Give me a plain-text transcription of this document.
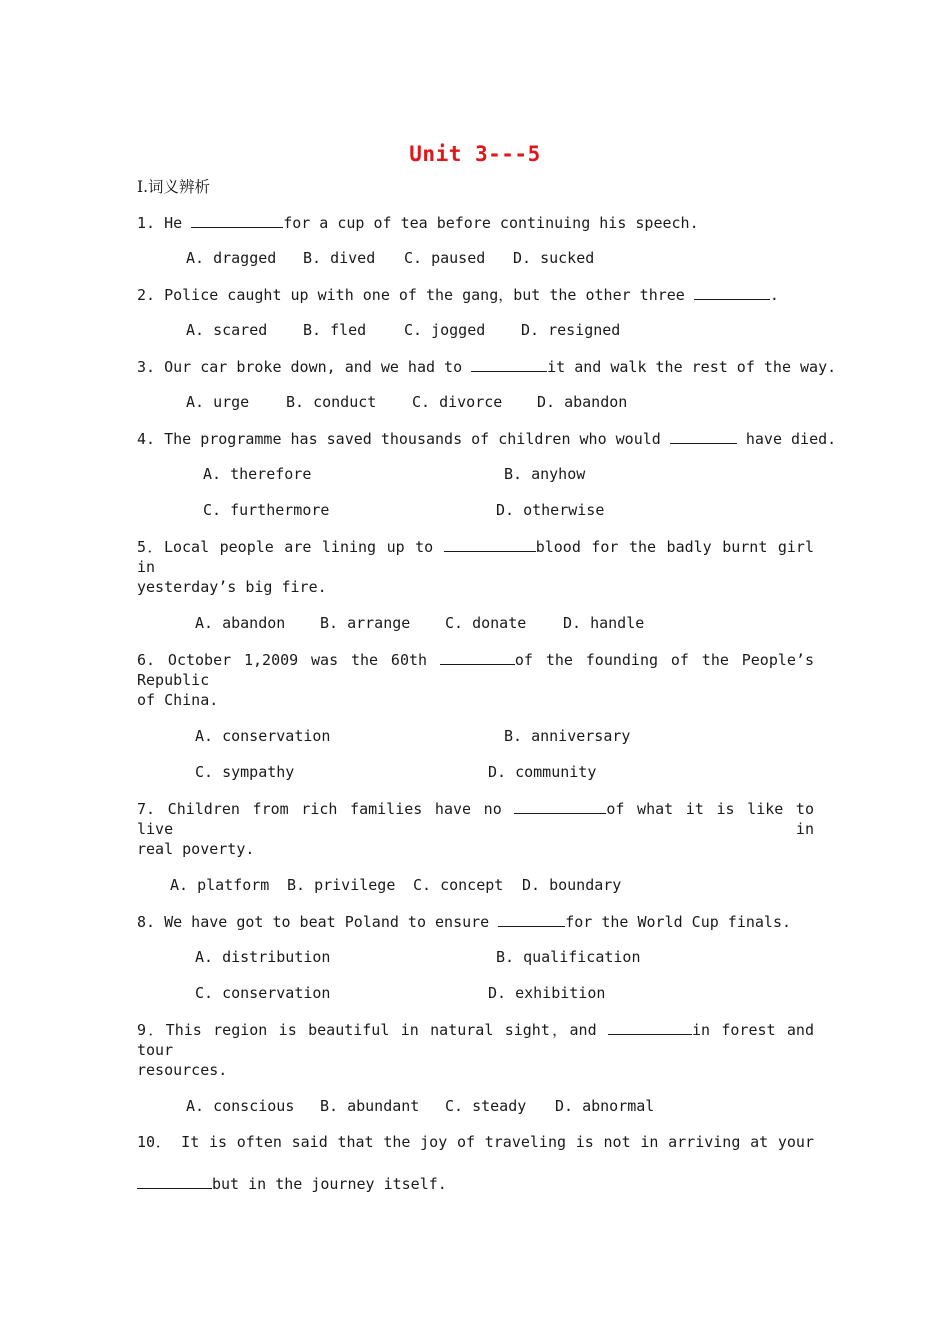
Unit 3---5
Ⅰ.词义辨析
1. He	for a cup of tea before continuing his speech.
A. dragged B. dived C. paused D. sucked
2. Police caught up with one of the gang，but the other three	.
A. scared B. fled	C. jogged D. resigned
3. Our car broke down, and we had to	it and walk the rest of the way.
A. urge B. conduct C. divorce D. abandon
4. The programme has saved thousands of children who would	have died.
A. therefore	B. anyhow
C. furthermore	D. otherwise
5．Local people are lining up to	blood for the badly burnt girl in
yesterday’s big fire.
A. abandon B. arrange C. donate D. handle
6. October 1,2009 was the 60th	of the founding of the People’s Republic
of China.
A. conservation	B. anniversary
C. sympathy	D. community
7. Children from rich families have no	of what it is like to live in
real poverty.
A. platform B. privilege C. concept D. boundary
8. We have got to beat Poland to ensure	for the World Cup finals.
A. distribution	B. qualification
C. conservation	D. exhibition
9．This region is beautiful in natural sight，and	in forest and tour
resources.
A. conscious B. abundant C. steady D. abnormal
10． It is often said that the joy of traveling is not in arriving at your
but in the journey itself.
